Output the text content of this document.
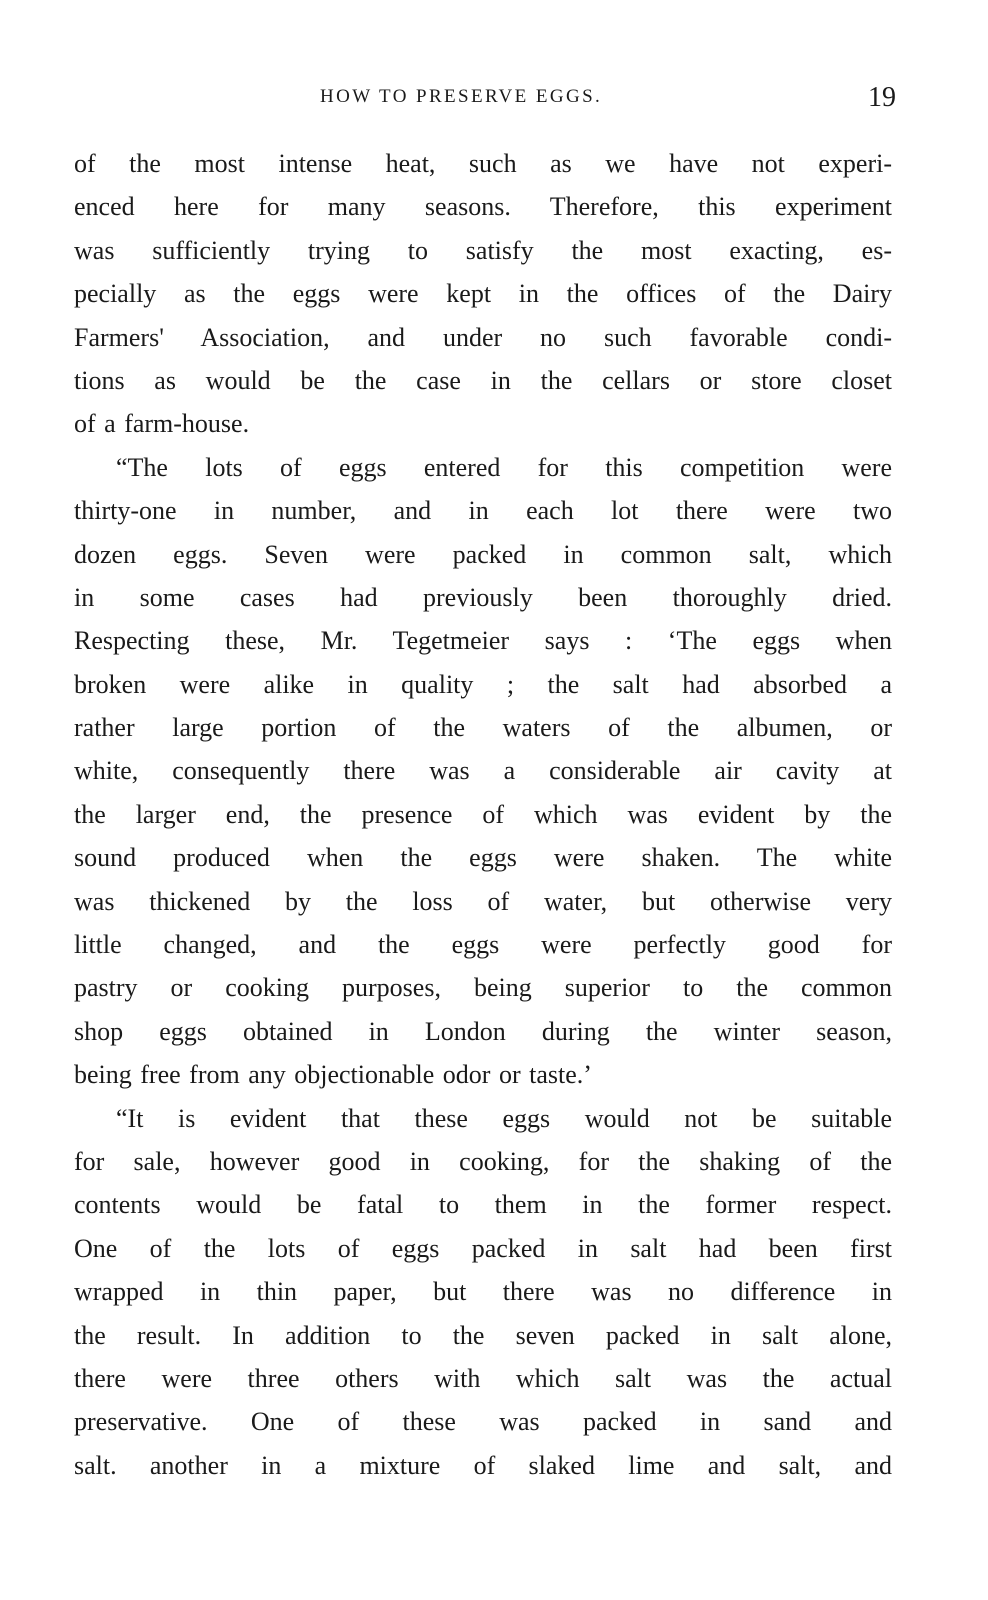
HOW TO PRESERVE EGGS.	19
of the most intense heat, such as we have not experi-
enced here for many seasons. Therefore, this experiment
was sufficiently trying to satisfy the most exacting, es-
pecially as the eggs were kept in the offices of the Dairy
Farmers' Association, and under no such favorable condi-
tions as would be the case in the cellars or store closet
of a farm-house.
“The lots of eggs entered for this competition were
thirty-one in number, and in each lot there were two
dozen eggs. Seven were packed in common salt, which
in some cases had previously been thoroughly dried.
Respecting these, Mr. Tegetmeier says : ‘The eggs when
broken were alike in quality ; the salt had absorbed a
rather large portion of the waters of the albumen, or
white, consequently there was a considerable air cavity at
the larger end, the presence of which was evident by the
sound produced when the eggs were shaken. The white
was thickened by the loss of water, but otherwise very
little changed, and the eggs were perfectly good for
pastry or cooking purposes, being superior to the common
shop eggs obtained in London during the winter season,
being free from any objectionable odor or taste.’
“It is evident that these eggs would not be suitable
for sale, however good in cooking, for the shaking of the
contents would be fatal to them in the former respect.
One of the lots of eggs packed in salt had been first
wrapped in thin paper, but there was no difference in
the result. In addition to the seven packed in salt alone,
there were three others with which salt was the actual
preservative. One of these was packed in sand and
salt. another in a mixture of slaked lime and salt, and
